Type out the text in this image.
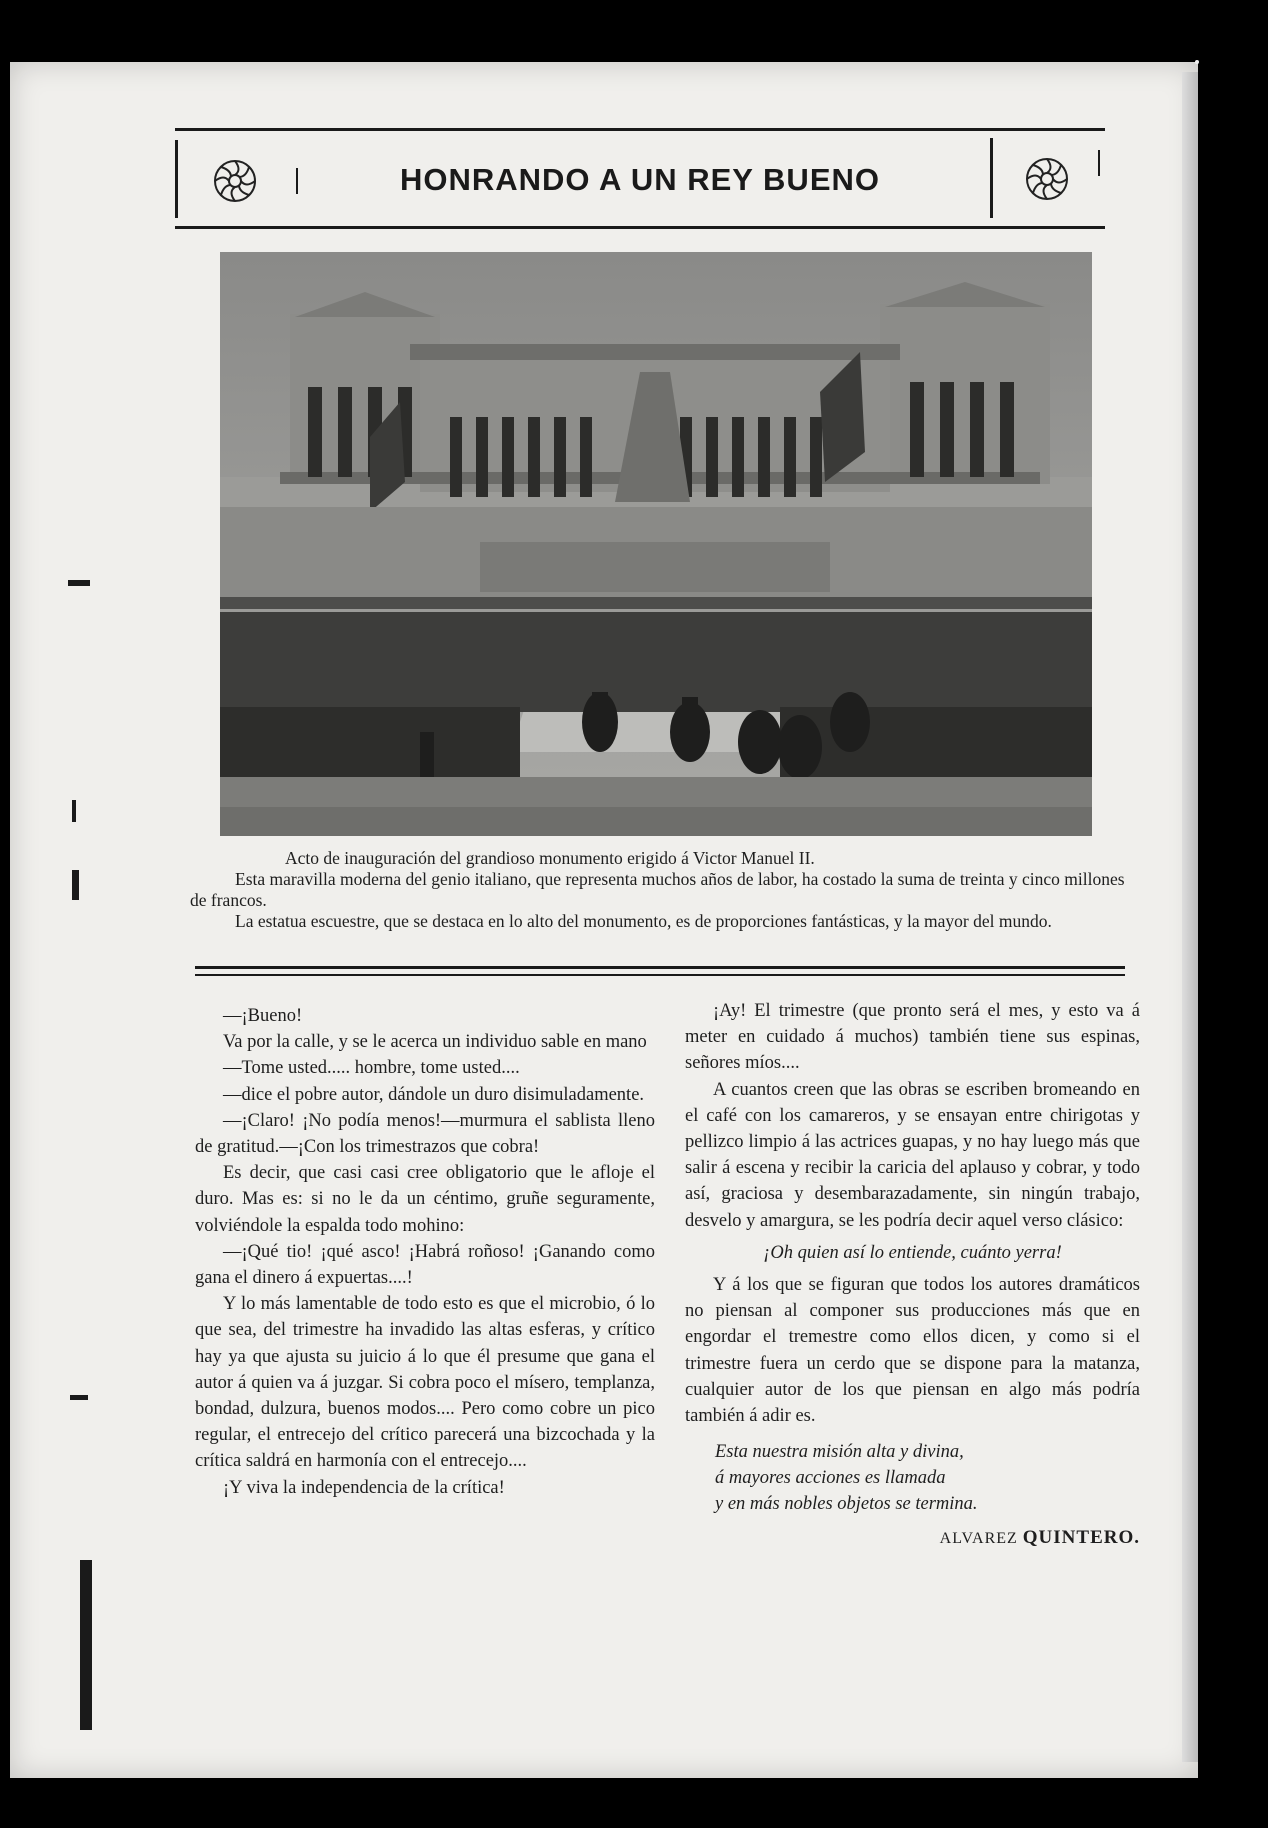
HONRANDO A UN REY BUENO

Acto de inauguración del grandioso monumento erigido á Victor Manuel II.

Esta maravilla moderna del genio italiano, que representa muchos años de labor, ha costado la suma de treinta y cinco millones de francos.

La estatua escuestre, que se destaca en lo alto del monumento, es de proporciones fantásticas, y la mayor del mundo.

—¡Bueno!

Va por la calle, y se le acerca un individuo sable en mano

—Tome usted..... hombre, tome usted....

—dice el pobre autor, dándole un duro disimuladamente.

—¡Claro! ¡No podía menos!—murmura el sablista lleno de gratitud.—¡Con los trimestrazos que cobra!

Es decir, que casi casi cree obligatorio que le afloje el duro. Mas es: si no le da un céntimo, gruñe seguramente, volviéndole la espalda todo mohino:

—¡Qué tio! ¡qué asco! ¡Habrá roñoso! ¡Ganando como gana el dinero á expuertas....!

Y lo más lamentable de todo esto es que el microbio, ó lo que sea, del trimestre ha invadido las altas esferas, y crítico hay ya que ajusta su juicio á lo que él presume que gana el autor á quien va á juzgar. Si cobra poco el mísero, templanza, bondad, dulzura, buenos modos.... Pero como cobre un pico regular, el entrecejo del crítico parecerá una bizcochada y la crítica saldrá en harmonía con el entrecejo....

¡Y viva la independencia de la crítica!

¡Ay! El trimestre (que pronto será el mes, y esto va á meter en cuidado á muchos) también tiene sus espinas, señores míos....

A cuantos creen que las obras se escriben bromeando en el café con los camareros, y se ensayan entre chirigotas y pellizco limpio á las actrices guapas, y no hay luego más que salir á escena y recibir la caricia del aplauso y cobrar, y todo así, graciosa y desembarazadamente, sin ningún trabajo, desvelo y amargura, se les podría decir aquel verso clásico:

¡Oh quien así lo entiende, cuánto yerra!

Y á los que se figuran que todos los autores dramáticos no piensan al componer sus producciones más que en engordar el tremestre como ellos dicen, y como si el trimestre fuera un cerdo que se dispone para la matanza, cualquier autor de los que piensan en algo más podría también á adir es.

Esta nuestra misión alta y divina,
á mayores acciones es llamada
y en más nobles objetos se termina.
ALVAREZ QUINTERO.
